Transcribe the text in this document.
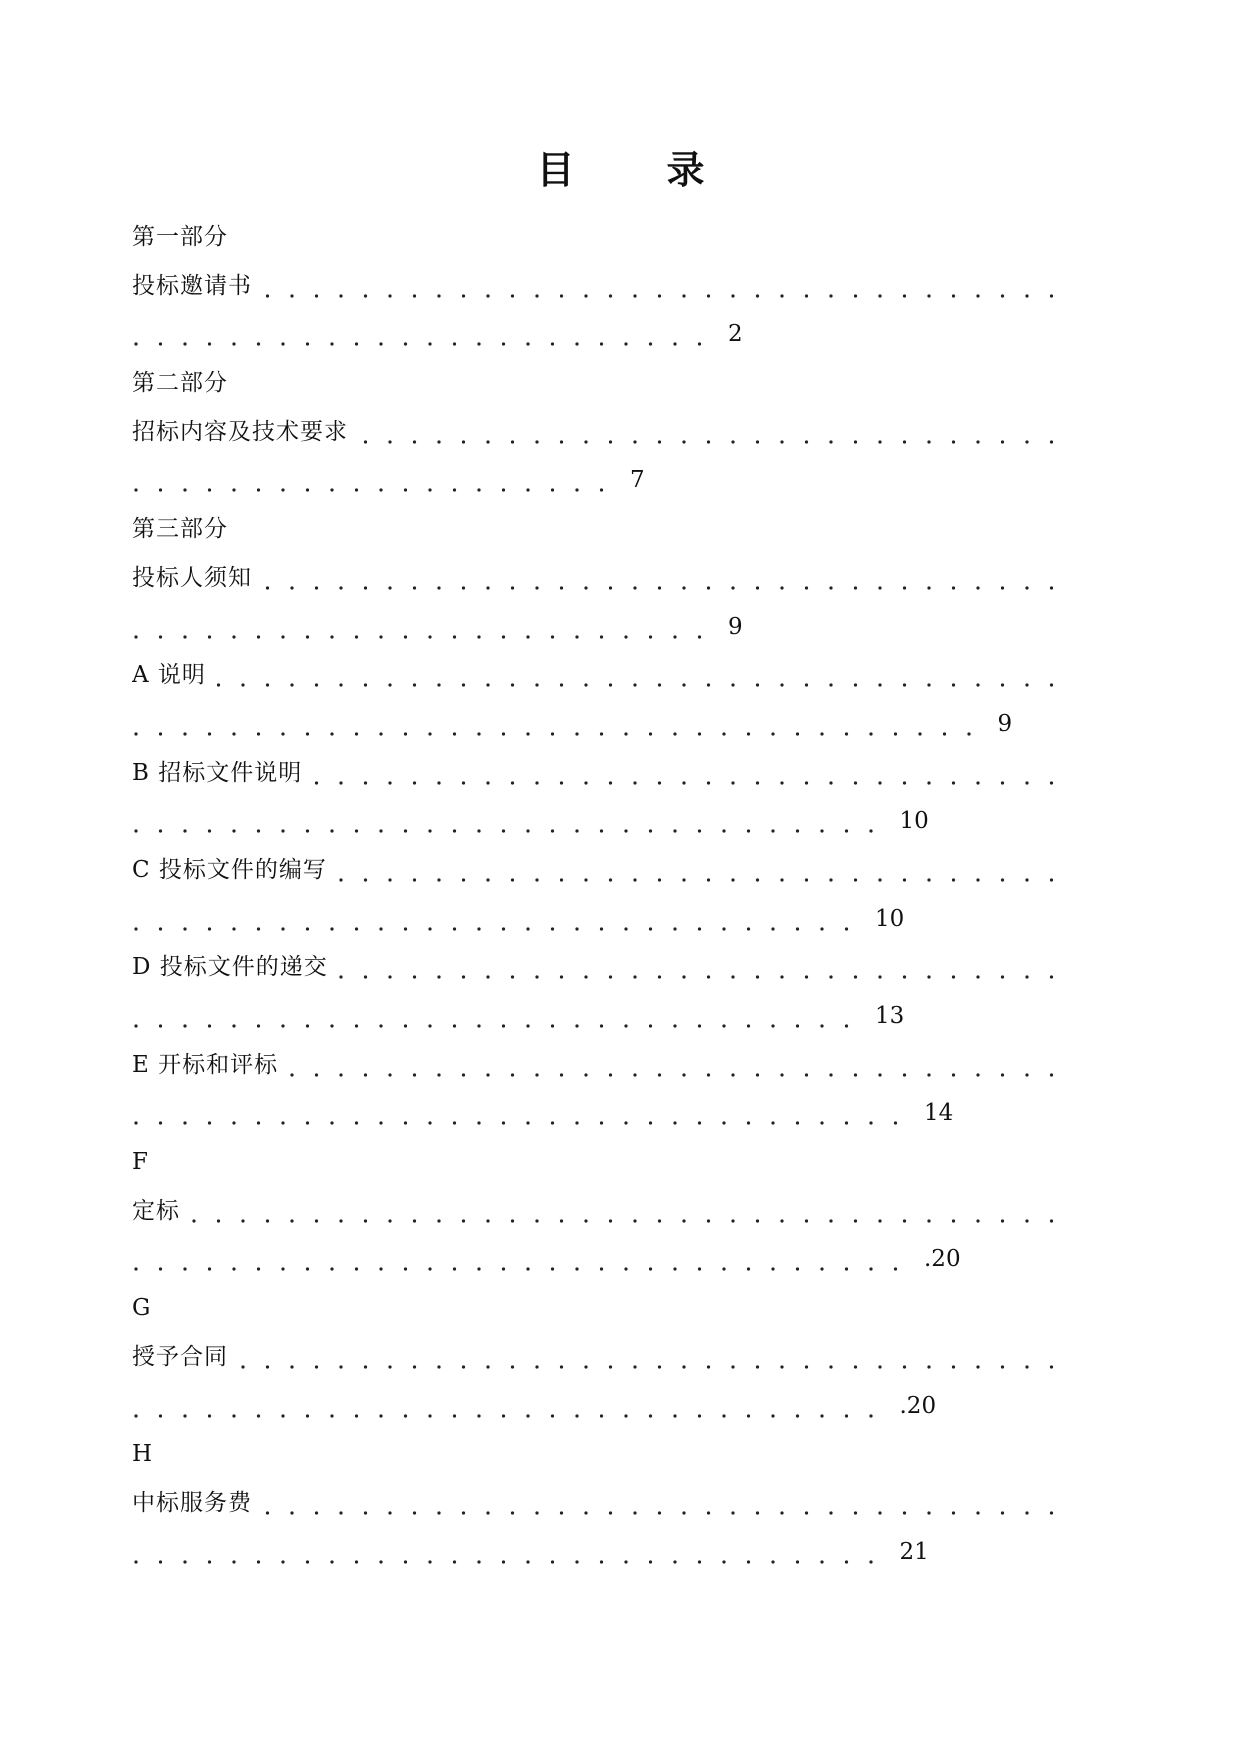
目 录
第一部分
投标邀请书
2
第二部分
招标内容及技术要求
7
第三部分
投标人须知
9
A 说明
9
B 招标文件说明
10
C 投标文件的编写
10
D 投标文件的递交
13
E 开标和评标
14
F
定标
.20
G
授予合同
.20
H
中标服务费
21
